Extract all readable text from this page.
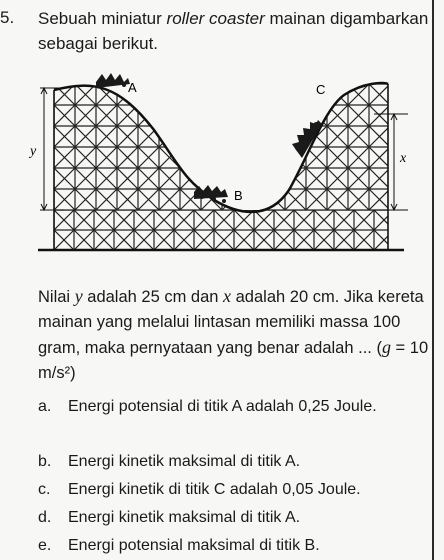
5. Sebuah miniatur roller coaster mainan digambarkan sebagai berikut.
A
B
C
y	x
Nilai y adalah 25 cm dan x adalah 20 cm. Jika kereta mainan yang melalui lintasan memiliki massa 100 gram, maka pernyataan yang benar adalah ... (g = 10 m/s²)
a. Energi potensial di titik A adalah 0,25 Joule.
b. Energi kinetik maksimal di titik A.
c. Energi kinetik di titik C adalah 0,05 Joule.
d. Energi kinetik maksimal di titik A.
e. Energi potensial maksimal di titik B.
